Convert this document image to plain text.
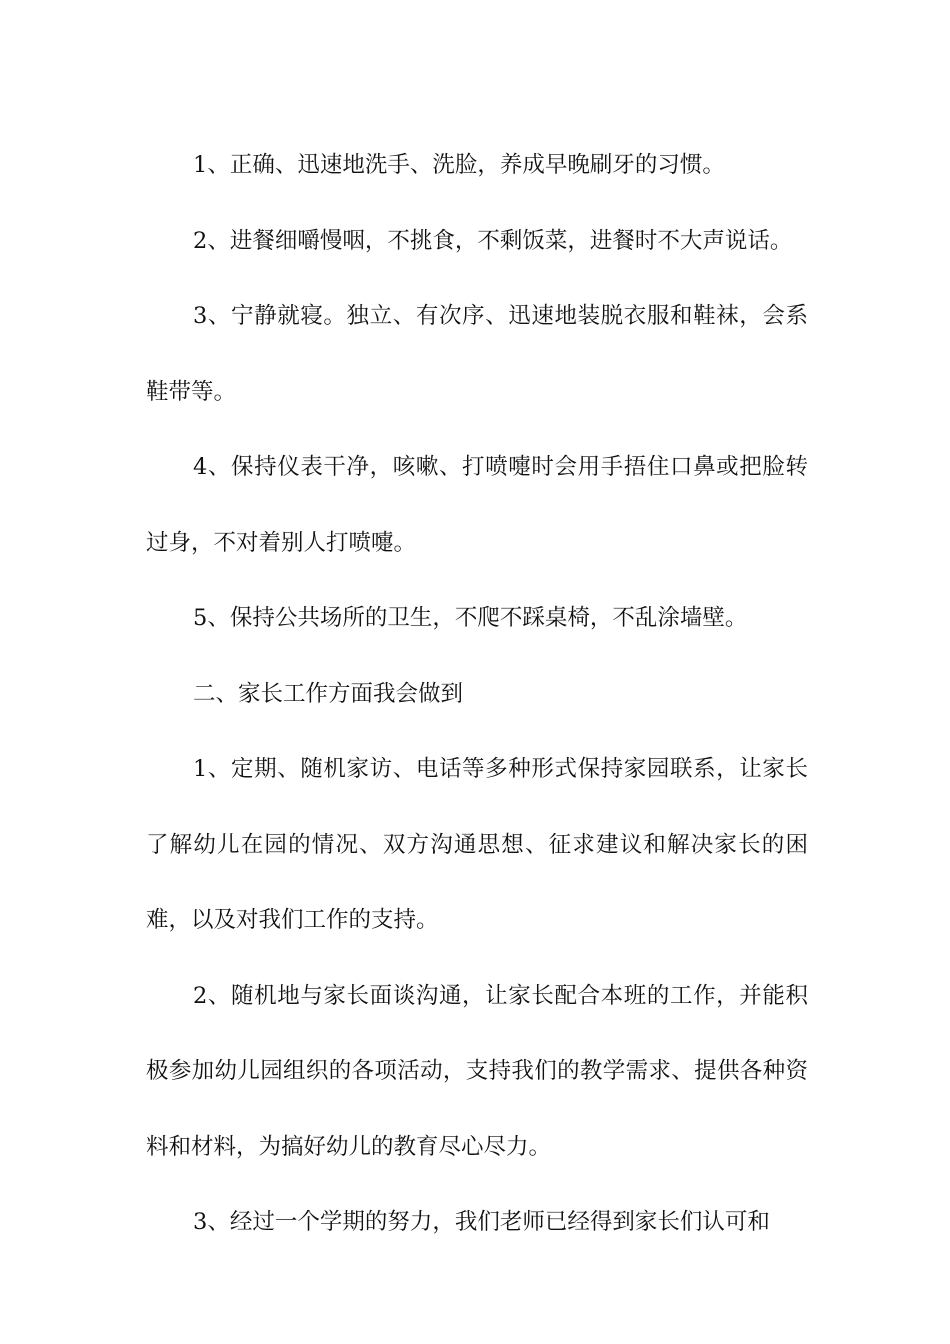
1、正确、迅速地洗手、洗脸，养成早晚刷牙的习惯。

2、进餐细嚼慢咽，不挑食，不剩饭菜，进餐时不大声说话。

3、宁静就寝。独立、有次序、迅速地装脱衣服和鞋袜，会系鞋带等。

4、保持仪表干净，咳嗽、打喷嚏时会用手捂住口鼻或把脸转过身，不对着别人打喷嚏。

5、保持公共场所的卫生，不爬不踩桌椅，不乱涂墙壁。

二、家长工作方面我会做到

1、定期、随机家访、电话等多种形式保持家园联系，让家长了解幼儿在园的情况、双方沟通思想、征求建议和解决家长的困难，以及对我们工作的支持。

2、随机地与家长面谈沟通，让家长配合本班的工作，并能积极参加幼儿园组织的各项活动，支持我们的教学需求、提供各种资料和材料，为搞好幼儿的教育尽心尽力。

3、经过一个学期的努力，我们老师已经得到家长们认可和
